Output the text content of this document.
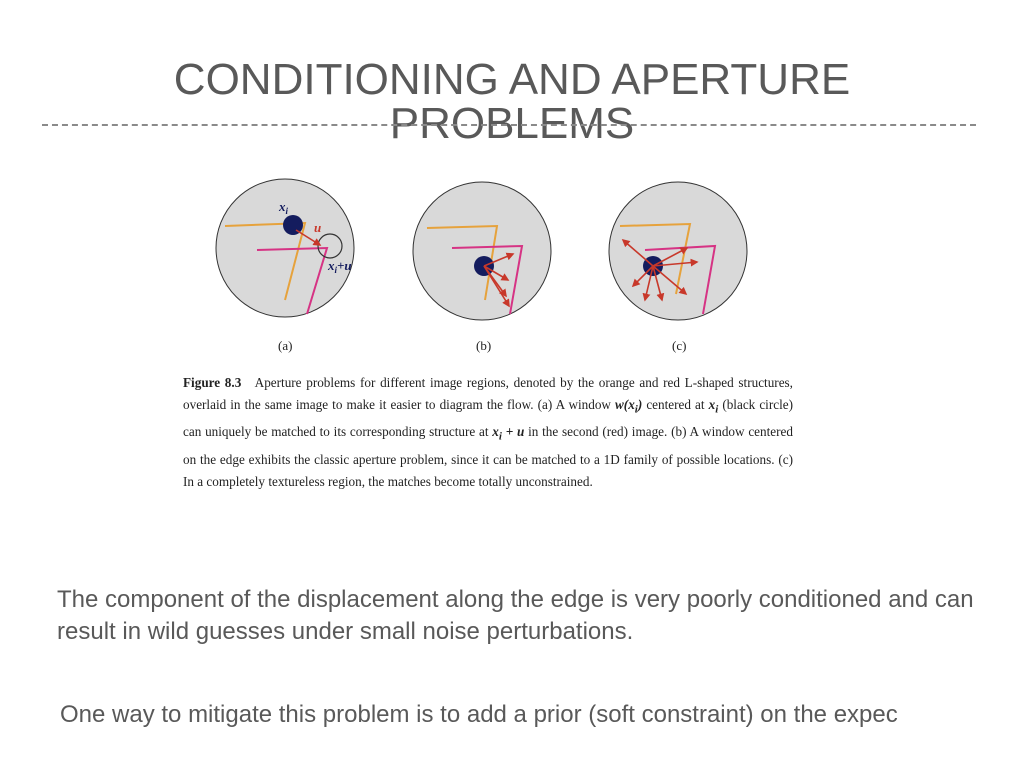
CONDITIONING AND APERTURE
PROBLEMS
$x_i$
u
$x_i+u$
(a)	(b)	(c)
Figure 8.3 Aperture problems for different image regions, denoted by the orange and red L-shaped structures, overlaid in the same image to make it easier to diagram the flow. (a) A window $w(x_i)$ centered at $x_i$ (black circle) can uniquely be matched to its corresponding structure at $x_i + u$ in the second (red) image. (b) A window centered on the edge exhibits the classic aperture problem, since it can be matched to a 1D family of possible locations. (c) In a completely textureless region, the matches become totally unconstrained.

The component of the displacement along the edge is very poorly conditioned and can result in wild guesses under small noise perturbations.

One way to mitigate this problem is to add a prior (soft constraint) on the expec
